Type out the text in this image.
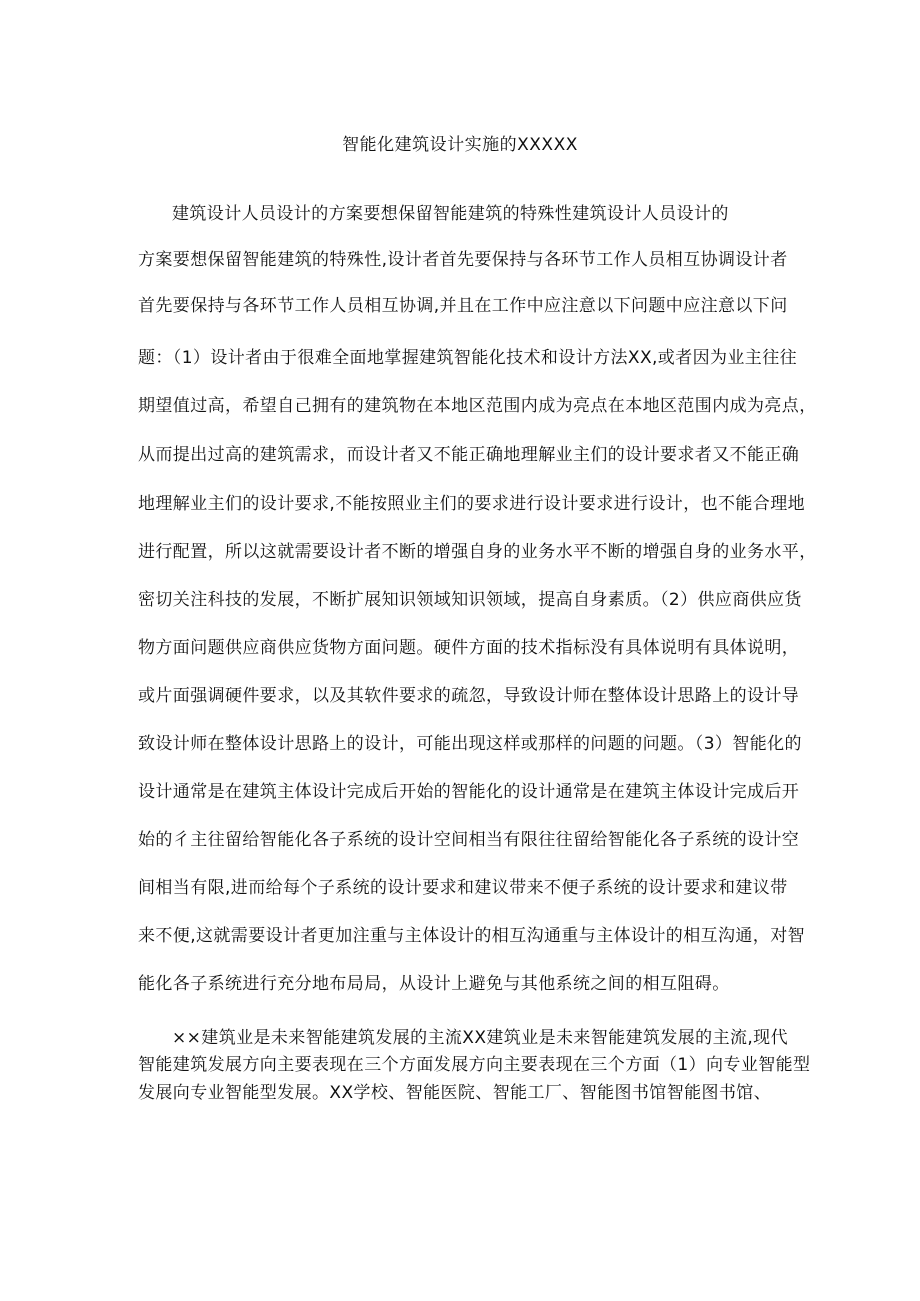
智能化建筑设计实施的XXXXX
建筑设计人员设计的方案要想保留智能建筑的特殊性建筑设计人员设计的
方案要想保留智能建筑的特殊性,设计者首先要保持与各环节工作人员相互协调设计者
首先要保持与各环节工作人员相互协调,并且在工作中应注意以下问题中应注意以下问
题：（1）设计者由于很难全面地掌握建筑智能化技术和设计方法XX,或者因为业主往往
期望值过高，希望自己拥有的建筑物在本地区范围内成为亮点在本地区范围内成为亮点，
从而提出过高的建筑需求，而设计者又不能正确地理解业主们的设计要求者又不能正确
地理解业主们的设计要求,不能按照业主们的要求进行设计要求进行设计，也不能合理地
进行配置，所以这就需要设计者不断的增强自身的业务水平不断的增强自身的业务水平，
密切关注科技的发展，不断扩展知识领域知识领域，提高自身素质。（2）供应商供应货
物方面问题供应商供应货物方面问题。硬件方面的技术指标没有具体说明有具体说明，
或片面强调硬件要求，以及其软件要求的疏忽，导致设计师在整体设计思路上的设计导
致设计师在整体设计思路上的设计，可能出现这样或那样的问题的问题。（3）智能化的
设计通常是在建筑主体设计完成后开始的智能化的设计通常是在建筑主体设计完成后开
始的彳主往留给智能化各子系统的设计空间相当有限往往留给智能化各子系统的设计空
间相当有限,进而给每个子系统的设计要求和建议带来不便子系统的设计要求和建议带
来不便,这就需要设计者更加注重与主体设计的相互沟通重与主体设计的相互沟通，对智
能化各子系统进行充分地布局局，从设计上避免与其他系统之间的相互阻碍。
××建筑业是未来智能建筑发展的主流XX建筑业是未来智能建筑发展的主流,现代
智能建筑发展方向主要表现在三个方面发展方向主要表现在三个方面（1）向专业智能型
发展向专业智能型发展。XX学校、智能医院、智能工厂、智能图书馆智能图书馆、
